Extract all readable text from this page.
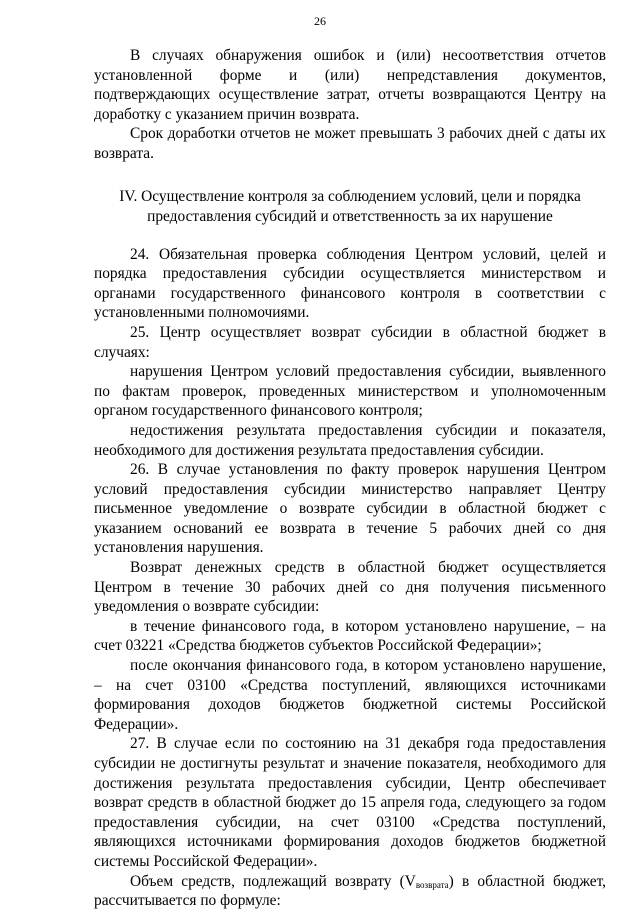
26

В случаях обнаружения ошибок и (или) несоответствия отчетов установленной форме и (или) непредставления документов, подтверждающих осуществление затрат, отчеты возвращаются Центру на доработку с указанием причин возврата.

Срок доработки отчетов не может превышать 3 рабочих дней с даты их возврата.

IV. Осуществление контроля за соблюдением условий, цели и порядка
предоставления субсидий и ответственность за их нарушение

24. Обязательная проверка соблюдения Центром условий, целей и порядка предоставления субсидии осуществляется министерством и органами государственного финансового контроля в соответствии с установленными полномочиями.

25. Центр осуществляет возврат субсидии в областной бюджет в случаях:

нарушения Центром условий предоставления субсидии, выявленного по фактам проверок, проведенных министерством и уполномоченным органом государственного финансового контроля;

недостижения результата предоставления субсидии и показателя, необходимого для достижения результата предоставления субсидии.

26. В случае установления по факту проверок нарушения Центром условий предоставления субсидии министерство направляет Центру письменное уведомление о возврате субсидии в областной бюджет с указанием оснований ее возврата в течение 5 рабочих дней со дня установления нарушения.

Возврат денежных средств в областной бюджет осуществляется Центром в течение 30 рабочих дней со дня получения письменного уведомления о возврате субсидии:

в течение финансового года, в котором установлено нарушение, – на счет 03221 «Средства бюджетов субъектов Российской Федерации»;

после окончания финансового года, в котором установлено нарушение, – на счет 03100 «Средства поступлений, являющихся источниками формирования доходов бюджетов бюджетной системы Российской Федерации».

27. В случае если по состоянию на 31 декабря года предоставления субсидии не достигнуты результат и значение показателя, необходимого для достижения результата предоставления субсидии, Центр обеспечивает возврат средств в областной бюджет до 15 апреля года, следующего за годом предоставления субсидии, на счет 03100 «Средства поступлений, являющихся источниками формирования доходов бюджетов бюджетной системы Российской Федерации».

Объем средств, подлежащий возврату $(V_{возврата})$ в областной бюджет, рассчитывается по формуле:
